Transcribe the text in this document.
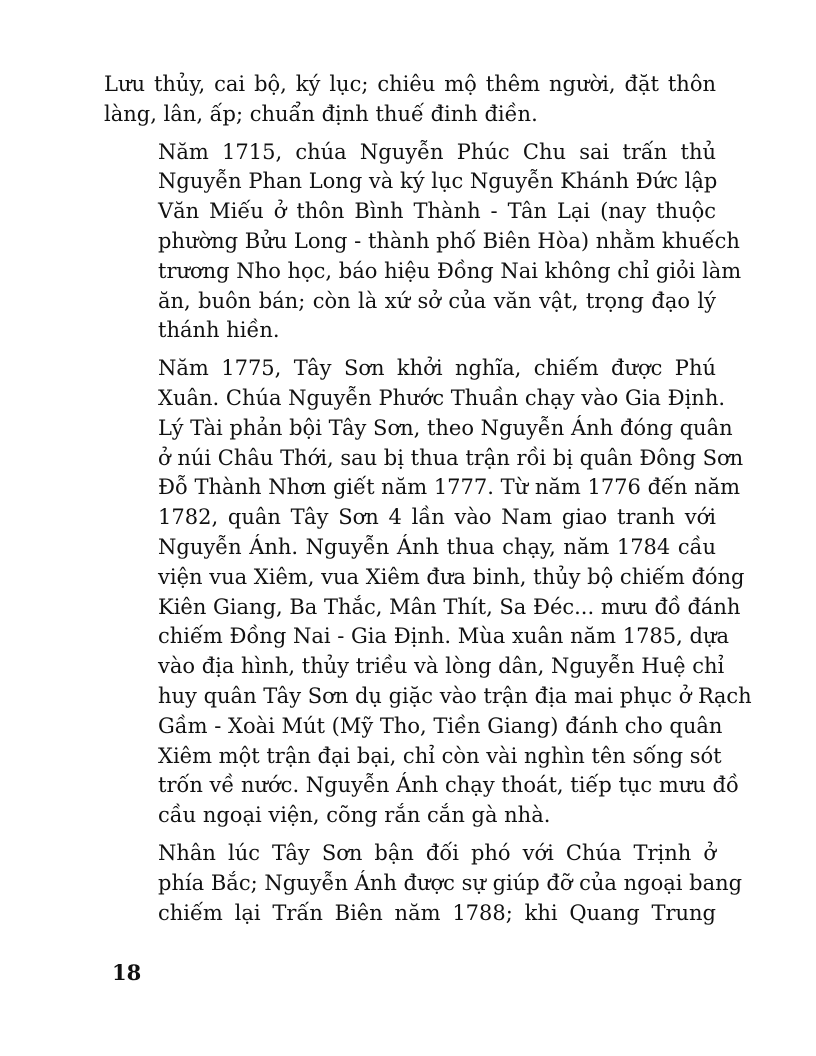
Lưu thủy, cai bộ, ký lục; chiêu mộ thêm người, đặt thôn
làng, lân, ấp; chuẩn định thuế đinh điền.

Năm 1715, chúa Nguyễn Phúc Chu sai trấn thủ
Nguyễn Phan Long và ký lục Nguyễn Khánh Đức lập
Văn Miếu ở thôn Bình Thành - Tân Lại (nay thuộc
phường Bửu Long - thành phố Biên Hòa) nhằm khuếch
trương Nho học, báo hiệu Đồng Nai không chỉ giỏi làm
ăn, buôn bán; còn là xứ sở của văn vật, trọng đạo lý
thánh hiền.

Năm 1775, Tây Sơn khởi nghĩa, chiếm được Phú
Xuân. Chúa Nguyễn Phước Thuần chạy vào Gia Định.
Lý Tài phản bội Tây Sơn, theo Nguyễn Ánh đóng quân
ở núi Châu Thới, sau bị thua trận rồi bị quân Đông Sơn
Đỗ Thành Nhơn giết năm 1777. Từ năm 1776 đến năm
1782, quân Tây Sơn 4 lần vào Nam giao tranh với
Nguyễn Ánh. Nguyễn Ánh thua chạy, năm 1784 cầu
viện vua Xiêm, vua Xiêm đưa binh, thủy bộ chiếm đóng
Kiên Giang, Ba Thắc, Mân Thít, Sa Đéc... mưu đồ đánh
chiếm Đồng Nai - Gia Định. Mùa xuân năm 1785, dựa
vào địa hình, thủy triều và lòng dân, Nguyễn Huệ chỉ
huy quân Tây Sơn dụ giặc vào trận địa mai phục ở Rạch
Gầm - Xoài Mút (Mỹ Tho, Tiền Giang) đánh cho quân
Xiêm một trận đại bại, chỉ còn vài nghìn tên sống sót
trốn về nước. Nguyễn Ánh chạy thoát, tiếp tục mưu đồ
cầu ngoại viện, cõng rắn cắn gà nhà.

Nhân lúc Tây Sơn bận đối phó với Chúa Trịnh ở
phía Bắc; Nguyễn Ánh được sự giúp đỡ của ngoại bang
chiếm lại Trấn Biên năm 1788; khi Quang Trung

18
